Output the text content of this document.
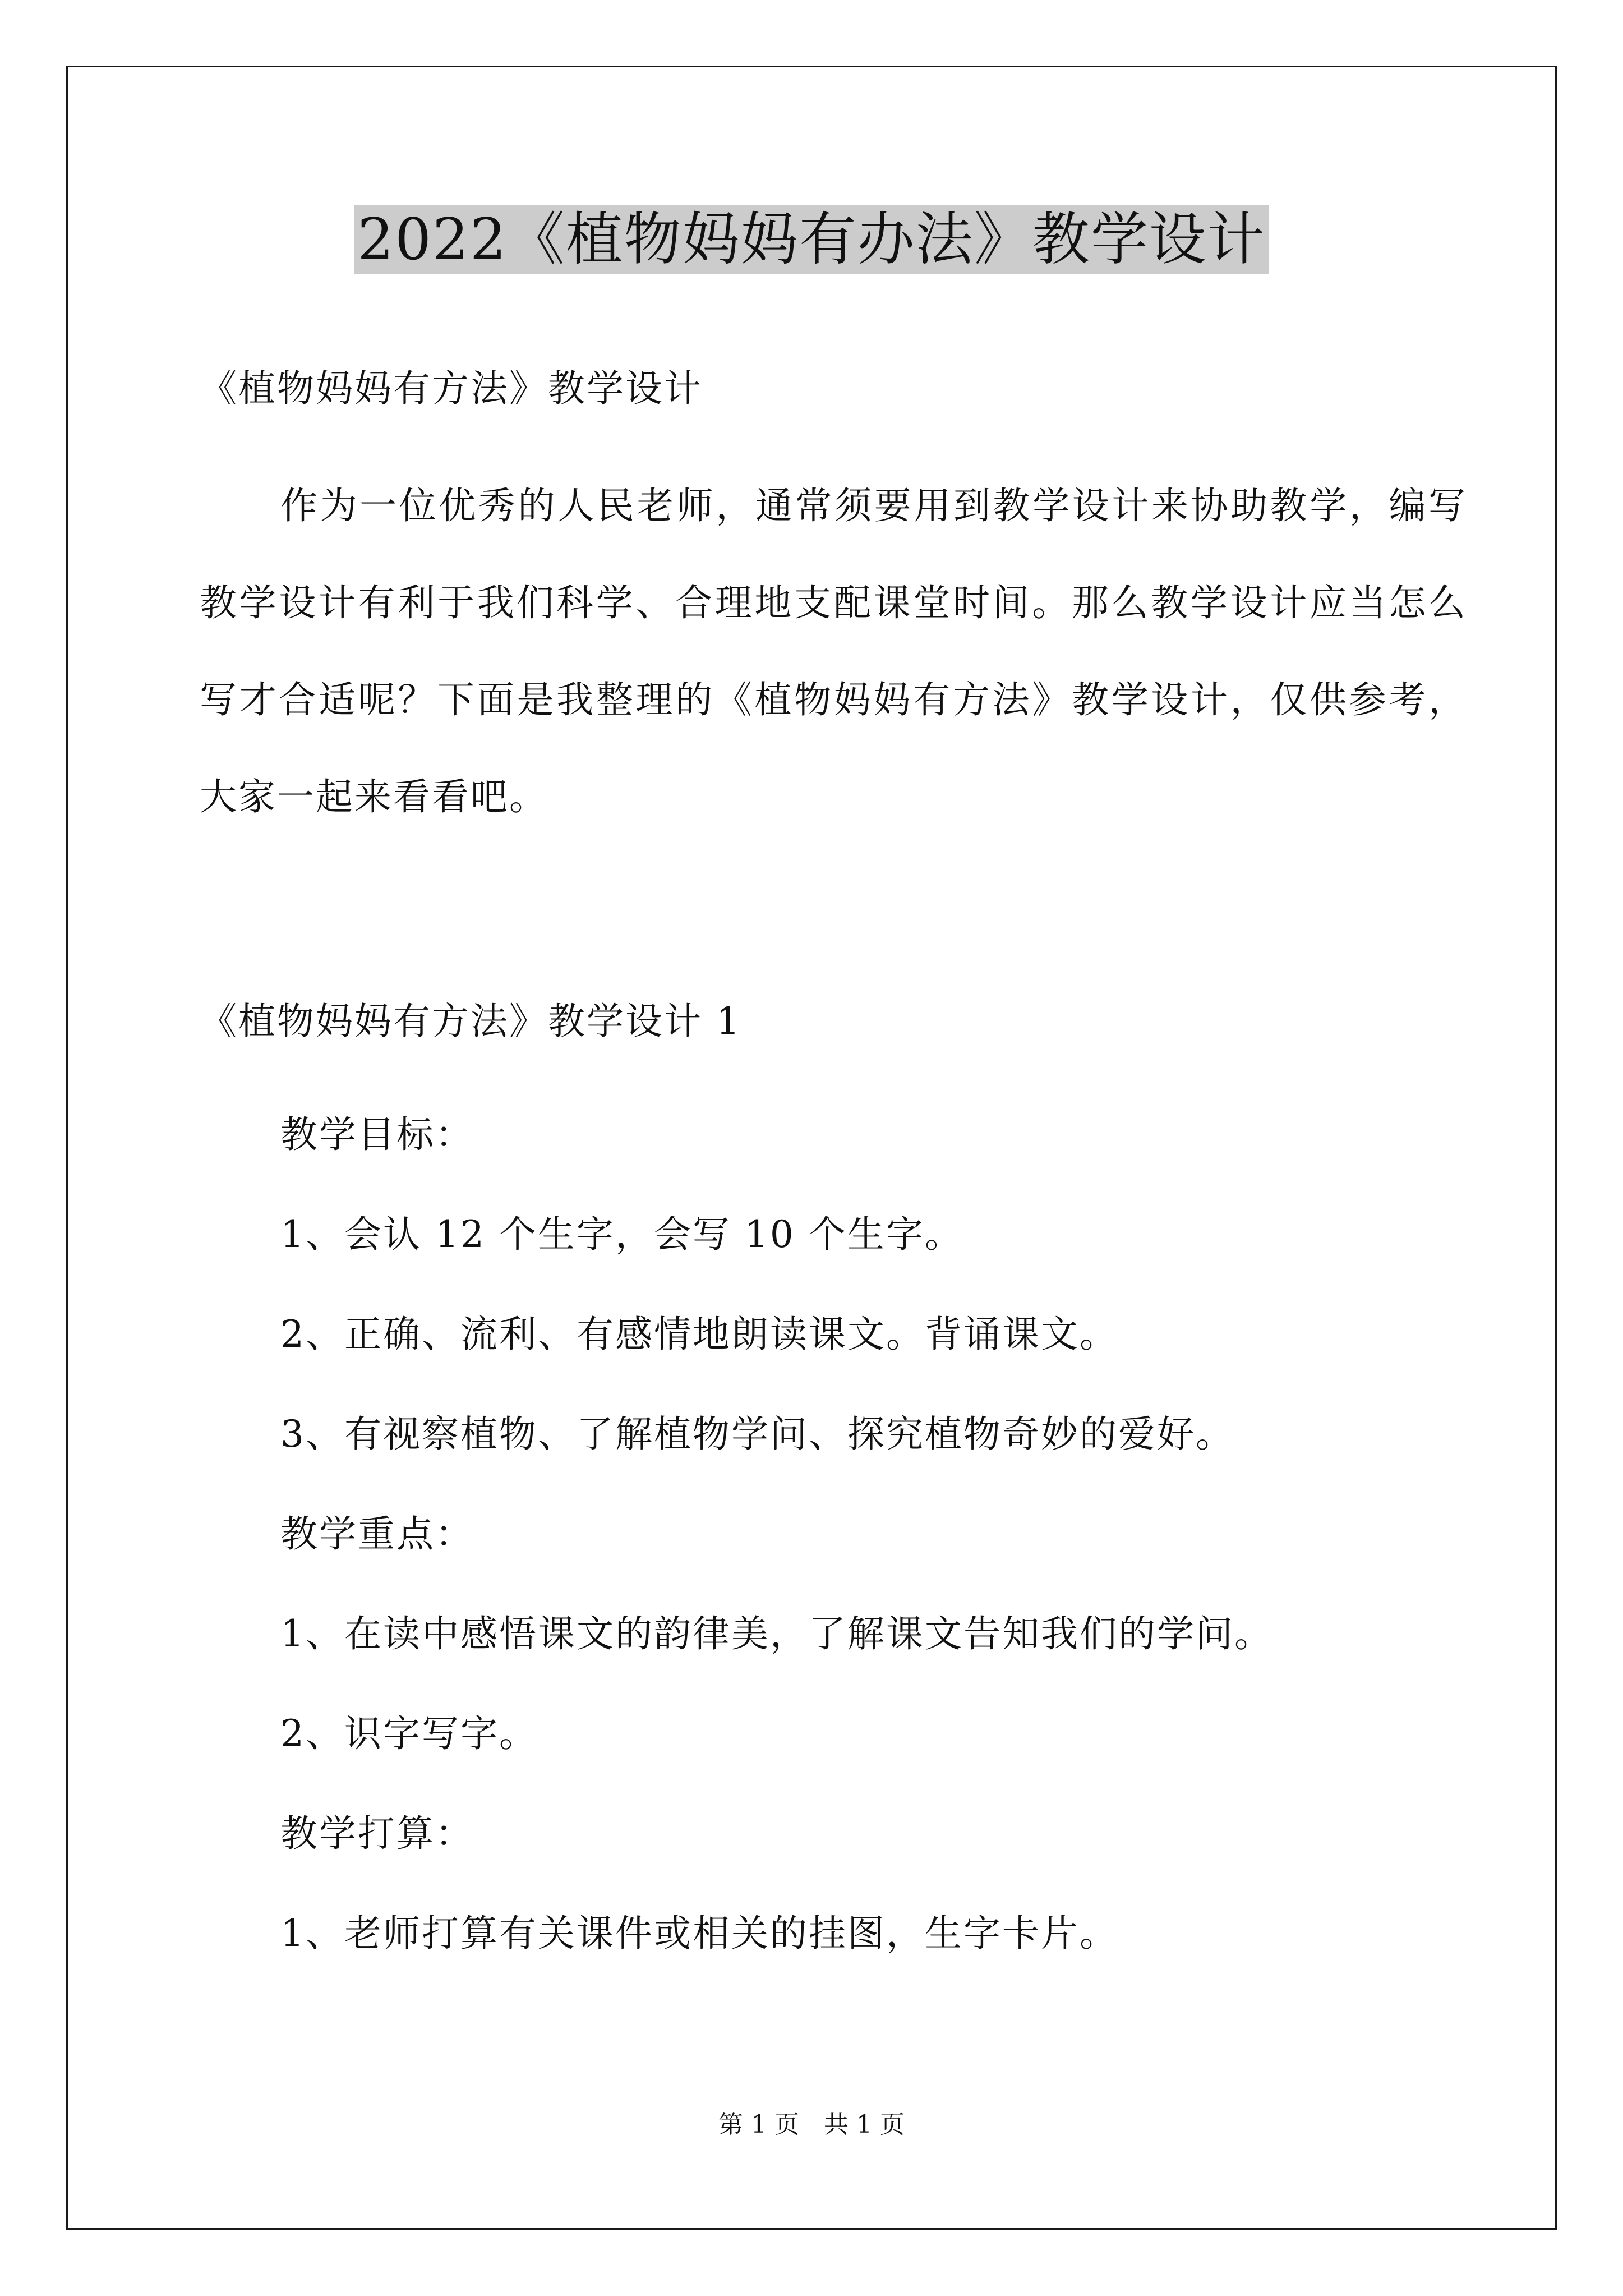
2022《植物妈妈有办法》教学设计

《植物妈妈有方法》教学设计

作为一位优秀的人民老师，通常须要用到教学设计来协助教学，编写教学设计有利于我们科学、合理地支配课堂时间。那么教学设计应当怎么写才合适呢？下面是我整理的《植物妈妈有方法》教学设计，仅供参考，大家一起来看看吧。

《植物妈妈有方法》教学设计 1

教学目标：

1、会认 12 个生字，会写 10 个生字。

2、正确、流利、有感情地朗读课文。背诵课文。

3、有视察植物、了解植物学问、探究植物奇妙的爱好。

教学重点：

1、在读中感悟课文的韵律美，了解课文告知我们的学问。

2、识字写字。

教学打算：

1、老师打算有关课件或相关的挂图，生字卡片。

第 1 页　共 1 页
